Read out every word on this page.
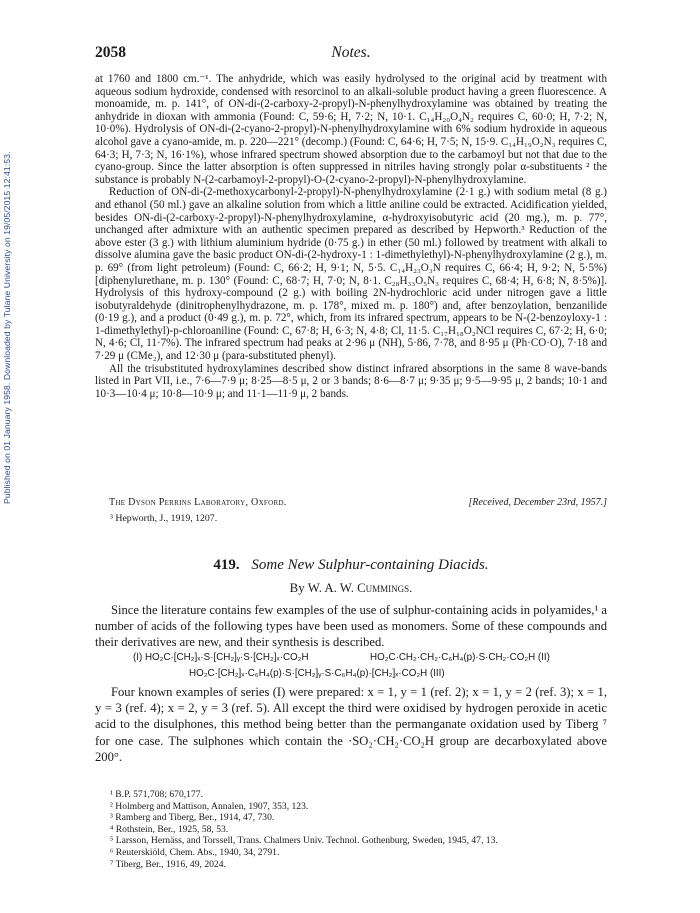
Published on 01 January 1958. Downloaded by Tulane University on 19/05/2015 12:41:53.
2058	Notes.

at 1760 and 1800 cm.⁻¹. The anhydride, which was easily hydrolysed to the original acid by treatment with aqueous sodium hydroxide, condensed with resorcinol to an alkali-soluble product having a green fluorescence. A monoamide, m. p. 141°, of ON-di-(2-carboxy-2-propyl)-N-phenylhydroxylamine was obtained by treating the anhydride in dioxan with ammonia (Found: C, 59·6; H, 7·2; N, 10·1. C₁₄H₂₀O₄N₂ requires C, 60·0; H, 7·2; N, 10·0%). Hydrolysis of ON-di-(2-cyano-2-propyl)-N-phenylhydroxylamine with 6% sodium hydroxide in aqueous alcohol gave a cyano-amide, m. p. 220—221° (decomp.) (Found: C, 64·6; H, 7·5; N, 15·9. C₁₄H₁₉O₂N₃ requires C, 64·3; H, 7·3; N, 16·1%), whose infrared spectrum showed absorption due to the carbamoyl but not that due to the cyano-group. Since the latter absorption is often suppressed in nitriles having strongly polar α-substituents ² the substance is probably N-(2-carbamoyl-2-propyl)-O-(2-cyano-2-propyl)-N-phenylhydroxylamine.

Reduction of ON-di-(2-methoxycarbonyl-2-propyl)-N-phenylhydroxylamine (2·1 g.) with sodium metal (8 g.) and ethanol (50 ml.) gave an alkaline solution from which a little aniline could be extracted. Acidification yielded, besides ON-di-(2-carboxy-2-propyl)-N-phenylhydroxylamine, α-hydroxyisobutyric acid (20 mg.), m. p. 77°, unchanged after admixture with an authentic specimen prepared as described by Hepworth.³ Reduction of the above ester (3 g.) with lithium aluminium hydride (0·75 g.) in ether (50 ml.) followed by treatment with alkali to dissolve alumina gave the basic product ON-di-(2-hydroxy-1 : 1-dimethylethyl)-N-phenylhydroxylamine (2 g.), m. p. 69° (from light petroleum) (Found: C, 66·2; H, 9·1; N, 5·5. C₁₄H₂₃O₃N requires C, 66·4; H, 9·2; N, 5·5%) [diphenylurethane, m. p. 130° (Found: C, 68·7; H, 7·0; N, 8·1. C₂₈H₃₃O₅N₃ requires C, 68·4; H, 6·8; N, 8·5%)]. Hydrolysis of this hydroxy-compound (2 g.) with boiling 2N-hydrochloric acid under nitrogen gave a little isobutyraldehyde (dinitrophenylhydrazone, m. p. 178°, mixed m. p. 180°) and, after benzoylation, benzanilide (0·19 g.), and a product (0·49 g.), m. p. 72°, which, from its infrared spectrum, appears to be N-(2-benzoyloxy-1 : 1-dimethylethyl)-p-chloroaniline (Found: C, 67·8; H, 6·3; N, 4·8; Cl, 11·5. C₁₇H₁₈O₂NCl requires C, 67·2; H, 6·0; N, 4·6; Cl, 11·7%). The infrared spectrum had peaks at 2·96 μ (NH), 5·86, 7·78, and 8·95 μ (Ph·CO·O), 7·18 and 7·29 μ (CMe₂), and 12·30 μ (para-substituted phenyl).

All the trisubstituted hydroxylamines described show distinct infrared absorptions in the same 8 wave-bands listed in Part VII, i.e., 7·6—7·9 μ; 8·25—8·5 μ, 2 or 3 bands; 8·6—8·7 μ; 9·35 μ; 9·5—9·95 μ, 2 bands; 10·1 and 10·3—10·4 μ; 10·8—10·9 μ; and 11·1—11·9 μ, 2 bands.

The Dyson Perrins Laboratory, Oxford.	[Received, December 23rd, 1957.]
³ Hepworth, J., 1919, 1207.
419. Some New Sulphur-containing Diacids.
By W. A. W. Cummings.

Since the literature contains few examples of the use of sulphur-containing acids in polyamides,¹ a number of acids of the following types have been used as monomers. Some of these compounds and their derivatives are new, and their synthesis is described.

(I) HO₂C·[CH₂]ₓ·S·[CH₂]ᵧ·S·[CH₂]ₓ·CO₂H	HO₂C·CH₂·CH₂·C₆H₄(p)·S·CH₂·CO₂H (II)
HO₂C·[CH₂]ₓ·C₆H₄(p)·S·[CH₂]ᵧ·S·C₆H₄(p)·[CH₂]ₓ·CO₂H (III)

Four known examples of series (I) were prepared: x = 1, y = 1 (ref. 2); x = 1, y = 2 (ref. 3); x = 1, y = 3 (ref. 4); x = 2, y = 3 (ref. 5). All except the third were oxidised by hydrogen peroxide in acetic acid to the disulphones, this method being better than the permanganate oxidation used by Tiberg ⁷ for one case. The sulphones which contain the ·SO₂·CH₂·CO₂H group are decarboxylated above 200°.

¹ B.P. 571,708; 670,177.
² Holmberg and Mattison, Annalen, 1907, 353, 123.
³ Ramberg and Tiberg, Ber., 1914, 47, 730.
⁴ Rothstein, Ber., 1925, 58, 53.
⁵ Larsson, Hernäss, and Torssell, Trans. Chalmers Univ. Technol. Gothenburg, Sweden, 1945, 47, 13.
⁶ Reuterskiöld, Chem. Abs., 1940, 34, 2791.
⁷ Tiberg, Ber., 1916, 49, 2024.
